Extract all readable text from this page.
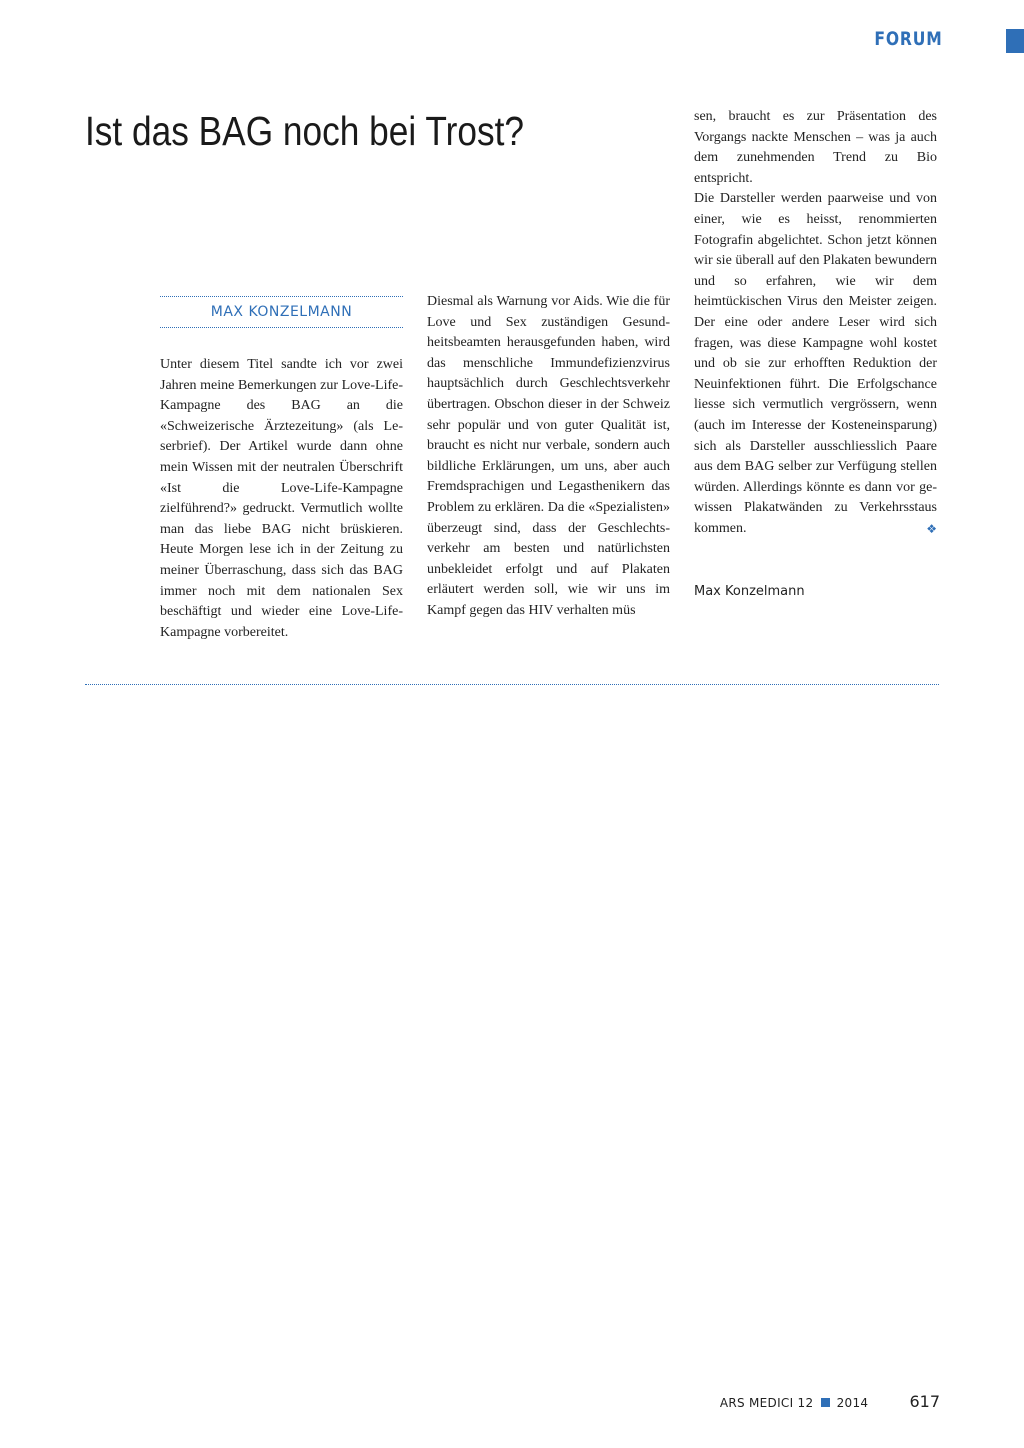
FORUM
Ist das BAG noch bei Trost?
MAX KONZELMANN

Unter diesem Titel sandte ich vor zwei Jahren meine Bemerkungen zur Love-Life-Kampagne des BAG an die «Schweizerische Ärztezeitung» (als Leserbrief). Der Artikel wurde dann ohne mein Wissen mit der neutralen Überschrift «Ist die Love-Life-Kampagne zielführend?» gedruckt. Vermutlich wollte man das liebe BAG nicht brüskieren. Heute Morgen lese ich in der Zeitung zu meiner Überraschung, dass sich das BAG immer noch mit dem nationalen Sex beschäftigt und wieder eine Love-Life-Kampagne vorbereitet.

Diesmal als Warnung vor Aids. Wie die für Love und Sex zuständigen Gesundheitsbeamten herausgefunden haben, wird das menschliche Immundefizienzvirus hauptsächlich durch Geschlechtsverkehr übertragen. Obschon dieser in der Schweiz sehr populär und von guter Qualität ist, braucht es nicht nur verbale, sondern auch bildliche Erklärungen, um uns, aber auch Fremdsprachigen und Legasthenikern das Problem zu erklären. Da die «Spezialisten» überzeugt sind, dass der Geschlechtsverkehr am besten und natürlichsten unbekleidet erfolgt und auf Plakaten erläutert werden soll, wie wir uns im Kampf gegen das HIV verhalten müs

sen, braucht es zur Präsentation des Vorgangs nackte Menschen – was ja auch dem zunehmenden Trend zu Bio entspricht.

Die Darsteller werden paarweise und von einer, wie es heisst, renommierten Fotografin abgelichtet. Schon jetzt können wir sie überall auf den Plakaten bewundern und so erfahren, wie wir dem heimtückischen Virus den Meister zeigen. Der eine oder andere Leser wird sich fragen, was diese Kampagne wohl kostet und ob sie zur erhofften Reduktion der Neuinfektionen führt. Die Erfolgschance liesse sich vermutlich vergrössern, wenn (auch im Interesse der Kosteneinsparung) sich als Darsteller ausschliesslich Paare aus dem BAG selber zur Verfügung stellen würden. Allerdings könnte es dann vor gewissen Plakatwänden zu Verkehrsstaus kommen.	❖

Max Konzelmann
ARS MEDICI 12 2014	617
